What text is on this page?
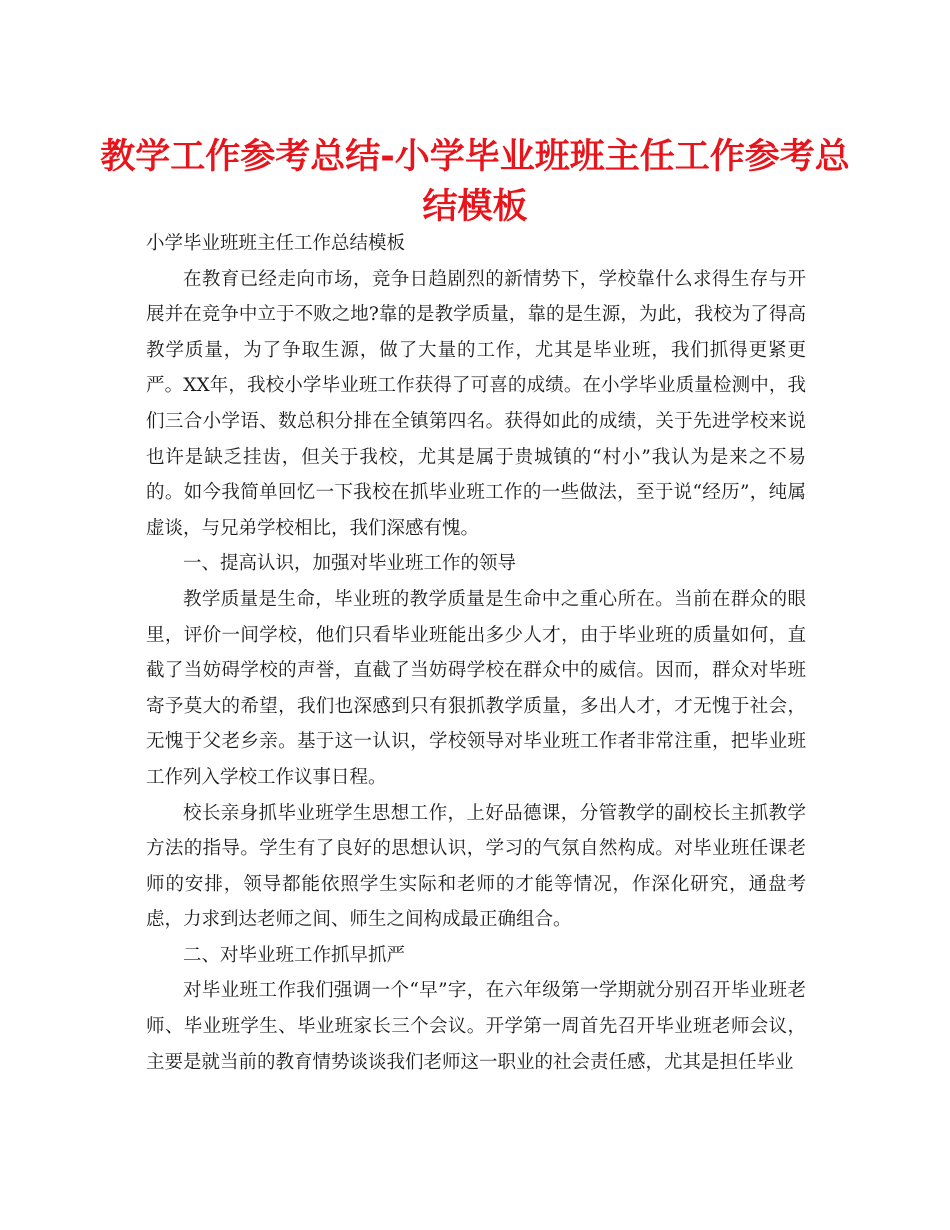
教学工作参考总结-小学毕业班班主任工作参考总结模板

小学毕业班班主任工作总结模板

在教育已经走向市场，竞争日趋剧烈的新情势下，学校靠什么求得生存与开展并在竞争中立于不败之地?靠的是教学质量，靠的是生源，为此，我校为了得高教学质量，为了争取生源，做了大量的工作，尤其是毕业班，我们抓得更紧更严。XX年，我校小学毕业班工作获得了可喜的成绩。在小学毕业质量检测中，我们三合小学语、数总积分排在全镇第四名。获得如此的成绩，关于先进学校来说也许是缺乏挂齿，但关于我校，尤其是属于贵城镇的“村小”我认为是来之不易的。如今我简单回忆一下我校在抓毕业班工作的一些做法，至于说“经历”，纯属虚谈，与兄弟学校相比，我们深感有愧。

一、提高认识，加强对毕业班工作的领导

教学质量是生命，毕业班的教学质量是生命中之重心所在。当前在群众的眼里，评价一间学校，他们只看毕业班能出多少人才，由于毕业班的质量如何，直截了当妨碍学校的声誉，直截了当妨碍学校在群众中的威信。因而，群众对毕班寄予莫大的希望，我们也深感到只有狠抓教学质量，多出人才，才无愧于社会，无愧于父老乡亲。基于这一认识，学校领导对毕业班工作者非常注重，把毕业班工作列入学校工作议事日程。

校长亲身抓毕业班学生思想工作，上好品德课，分管教学的副校长主抓教学方法的指导。学生有了良好的思想认识，学习的气氛自然构成。对毕业班任课老师的安排，领导都能依照学生实际和老师的才能等情况，作深化研究，通盘考虑，力求到达老师之间、师生之间构成最正确组合。

二、对毕业班工作抓早抓严

对毕业班工作我们强调一个“早”字，在六年级第一学期就分别召开毕业班老师、毕业班学生、毕业班家长三个会议。开学第一周首先召开毕业班老师会议，主要是就当前的教育情势谈谈我们老师这一职业的社会责任感，尤其是担任毕业
